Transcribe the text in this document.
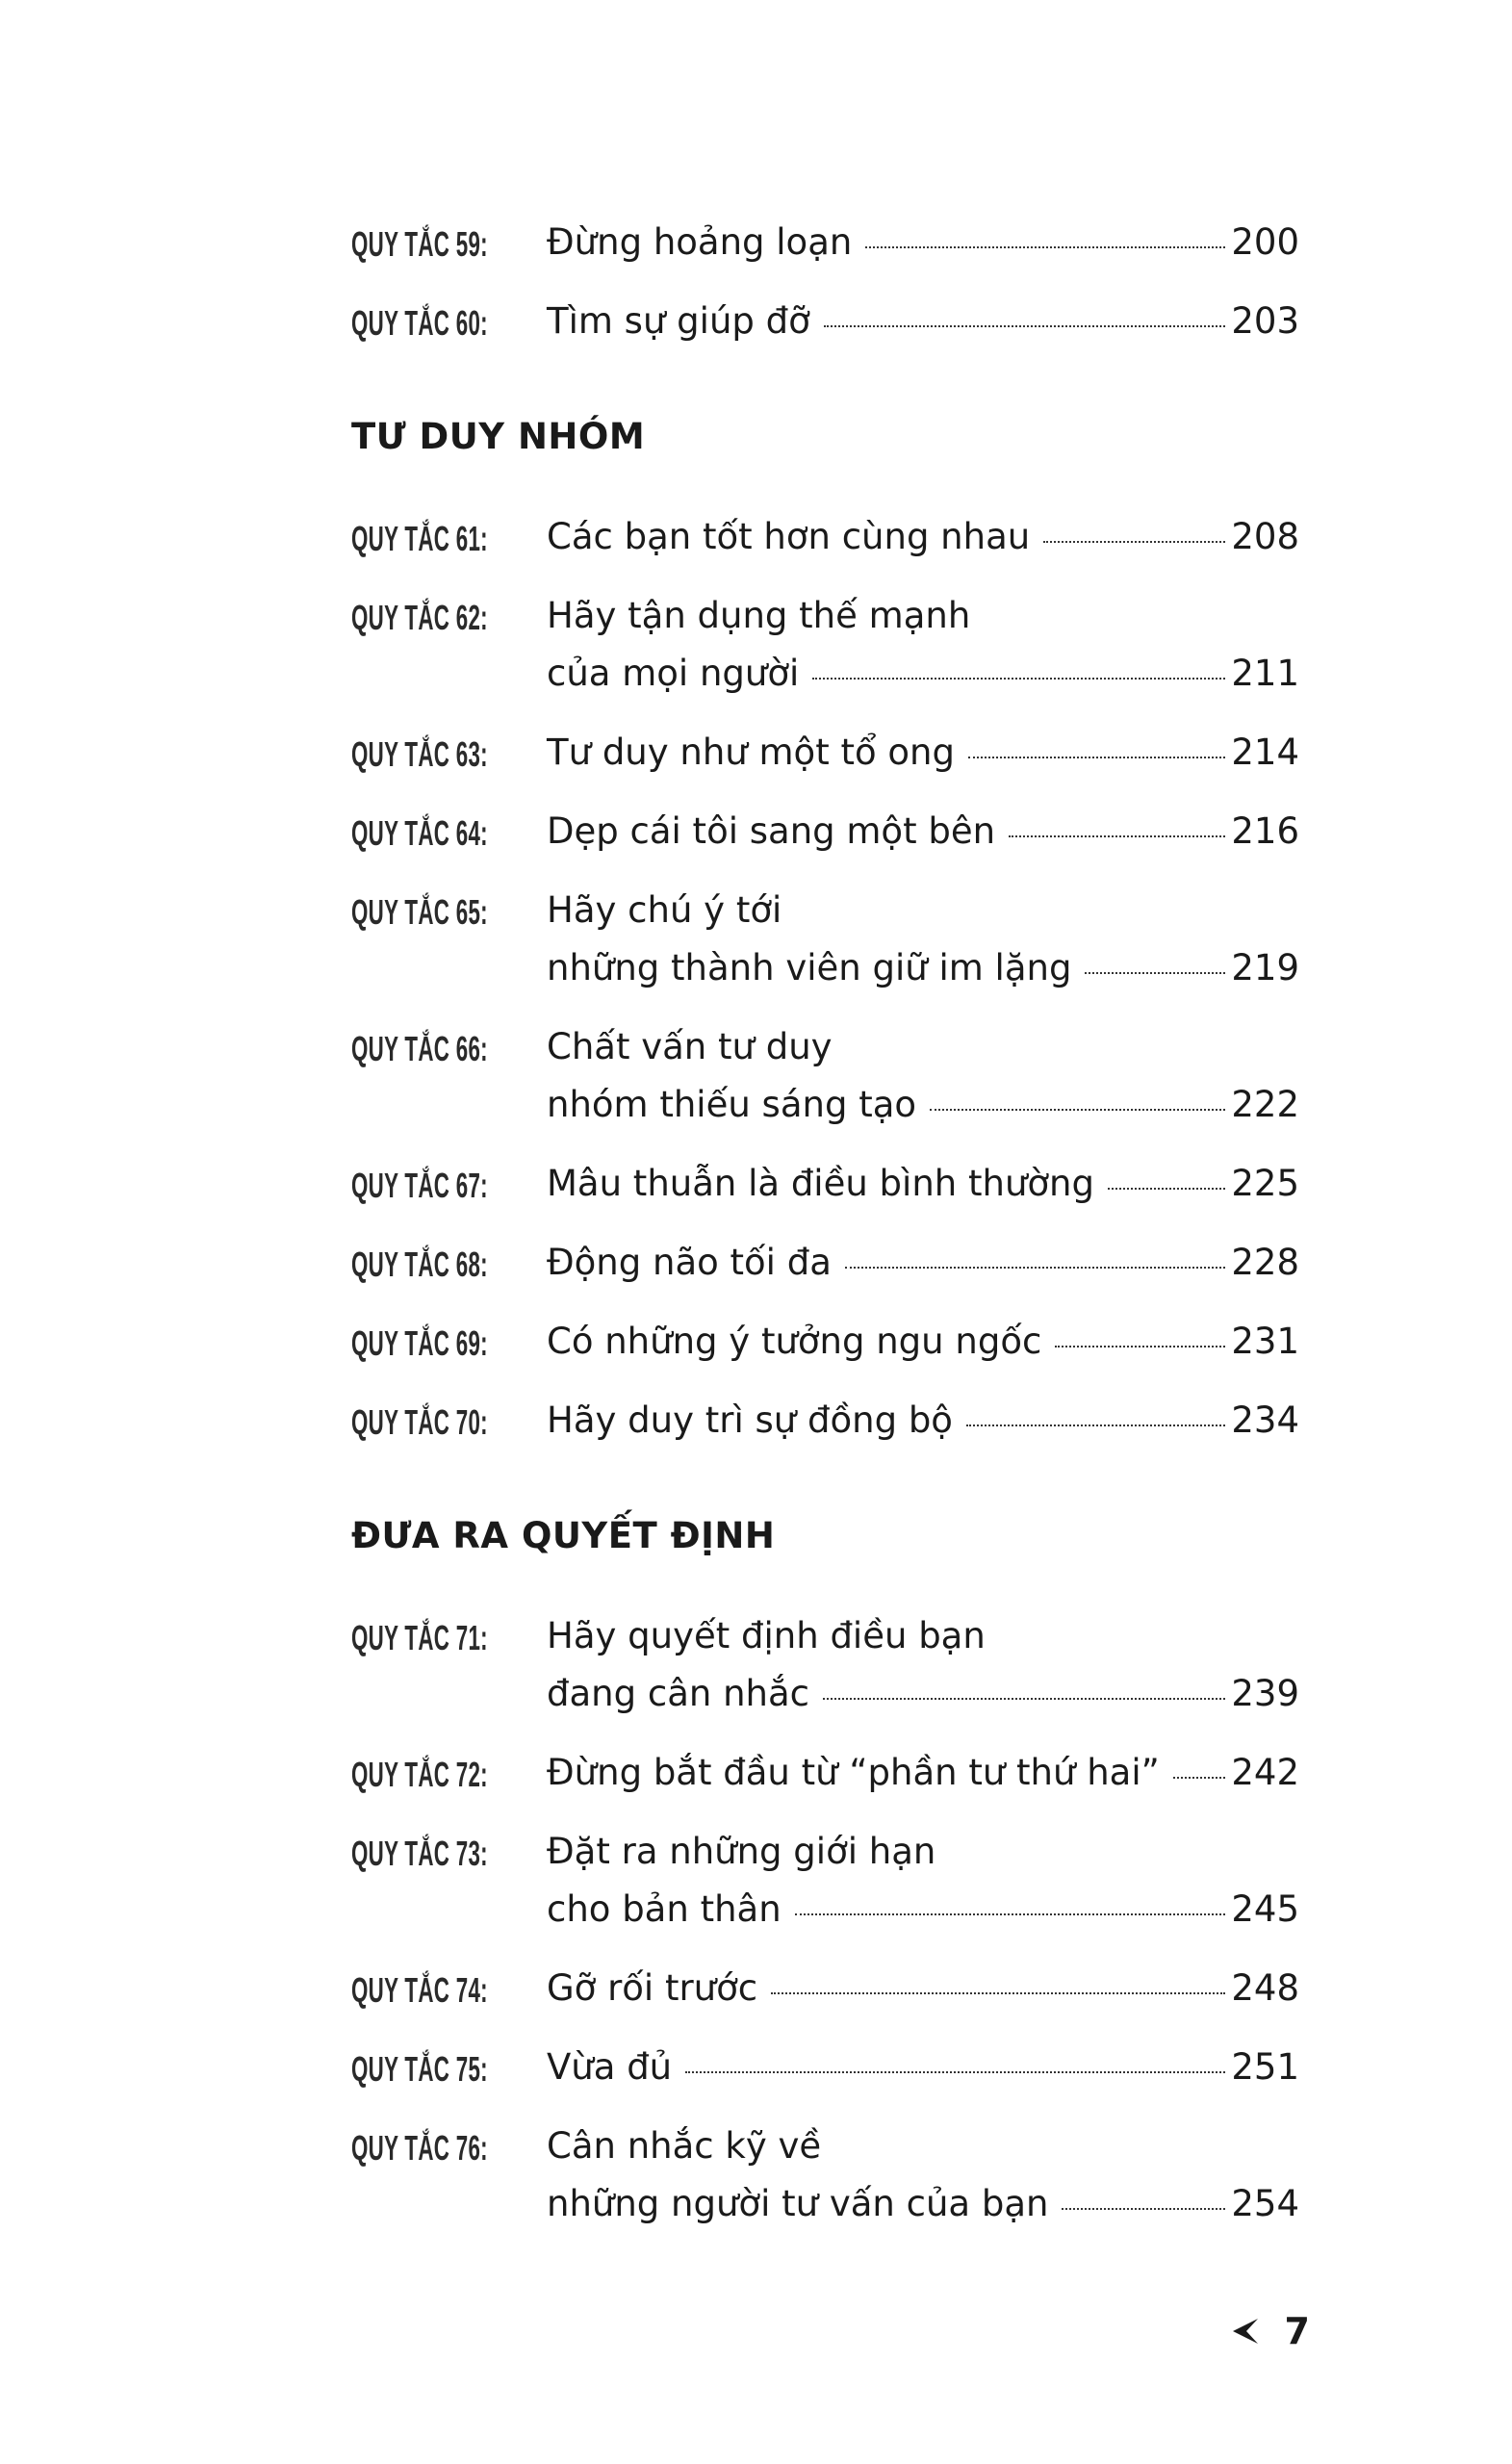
QUY TẮC 59: Đừng hoảng loạn	200
QUY TẮC 60: Tìm sự giúp đỡ	203
TƯ DUY NHÓM
QUY TẮC 61: Các bạn tốt hơn cùng nhau	208
QUY TẮC 62: Hãy tận dụng thế mạnh
của mọi người	211
QUY TẮC 63: Tư duy như một tổ ong	214
QUY TẮC 64: Dẹp cái tôi sang một bên	216
QUY TẮC 65: Hãy chú ý tới
những thành viên giữ im lặng	219
QUY TẮC 66: Chất vấn tư duy
nhóm thiếu sáng tạo	222
QUY TẮC 67: Mâu thuẫn là điều bình thường	225
QUY TẮC 68: Động não tối đa	228
QUY TẮC 69: Có những ý tưởng ngu ngốc	231
QUY TẮC 70: Hãy duy trì sự đồng bộ	234
ĐƯA RA QUYẾT ĐỊNH
QUY TẮC 71: Hãy quyết định điều bạn
đang cân nhắc	239
QUY TẮC 72: Đừng bắt đầu từ “phần tư thứ hai” 242
QUY TẮC 73: Đặt ra những giới hạn
cho bản thân	245
QUY TẮC 74: Gỡ rối trước	248
QUY TẮC 75: Vừa đủ	251
QUY TẮC 76: Cân nhắc kỹ về
những người tư vấn của bạn	254
7
